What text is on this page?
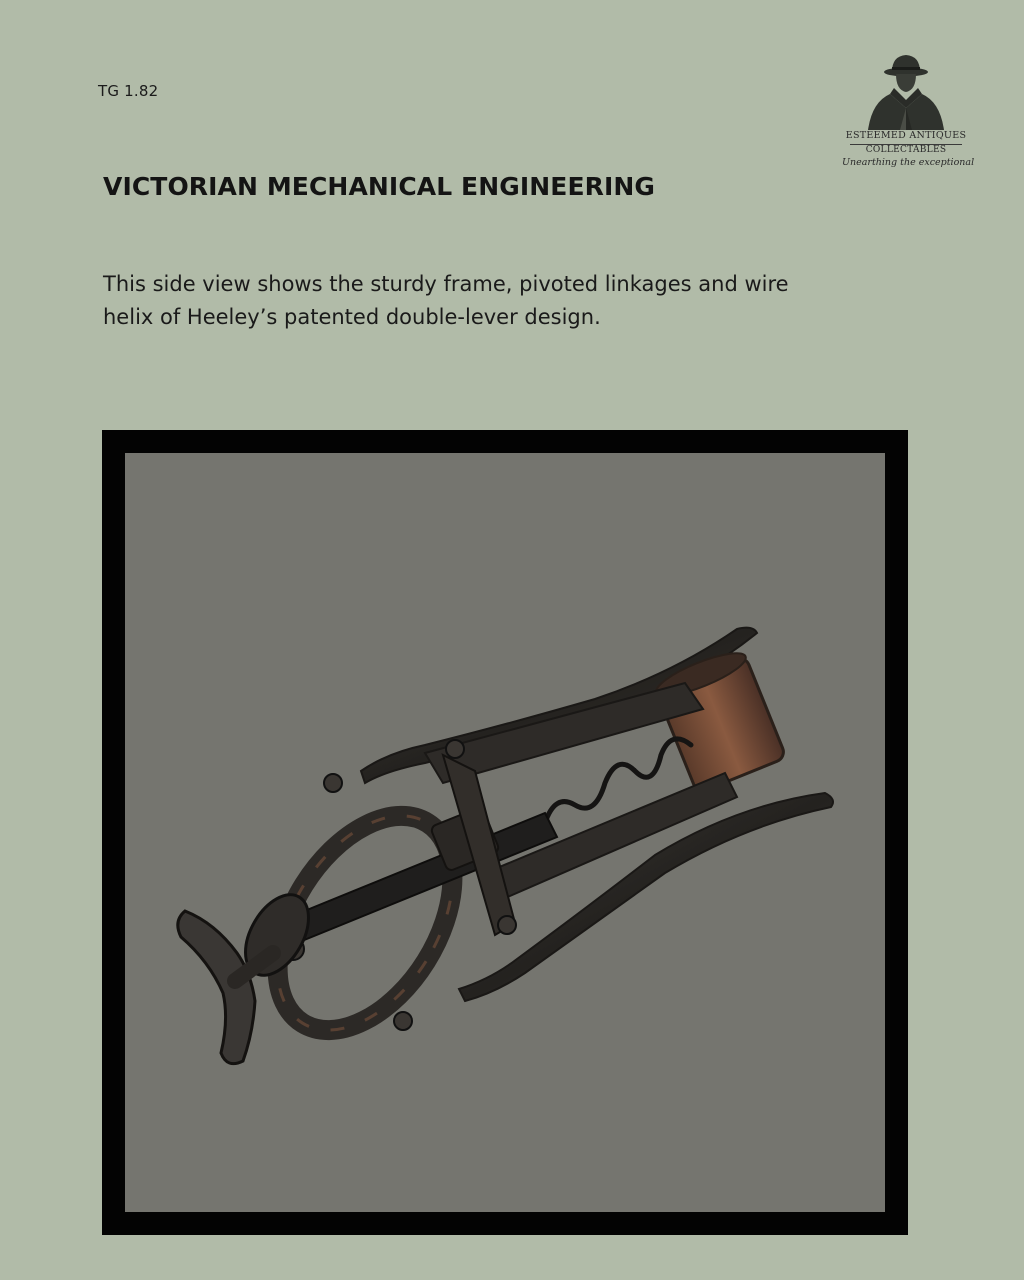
TG 1.82
ESTEEMED ANTIQUES
COLLECTABLES
Unearthing the exceptional
VICTORIAN MECHANICAL ENGINEERING
This side view shows the sturdy frame, pivoted linkages and wire helix of Heeley’s patented double-lever design.
